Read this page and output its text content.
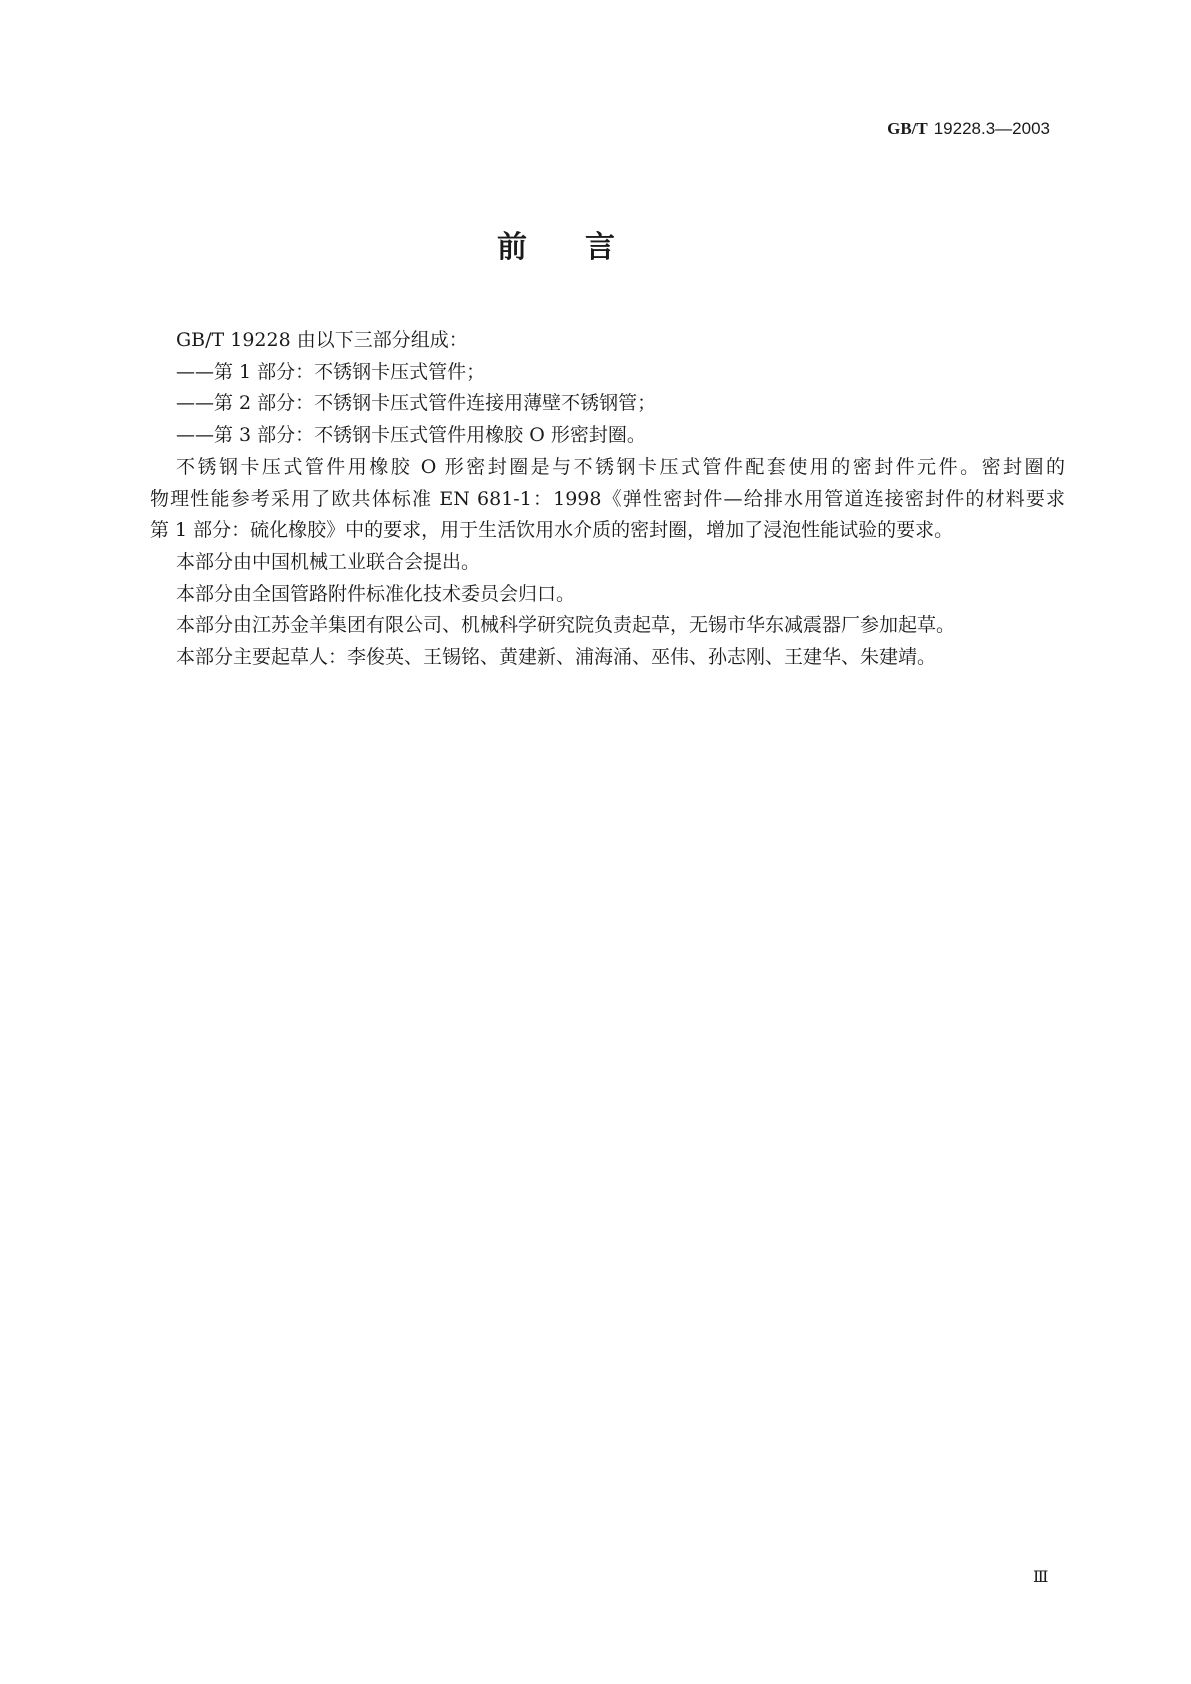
GB/T 19228.3—2003
前　言

GB/T 19228 由以下三部分组成：

——第 1 部分：不锈钢卡压式管件；

——第 2 部分：不锈钢卡压式管件连接用薄壁不锈钢管；

——第 3 部分：不锈钢卡压式管件用橡胶 O 形密封圈。

不锈钢卡压式管件用橡胶 O 形密封圈是与不锈钢卡压式管件配套使用的密封件元件。密封圈的

物理性能参考采用了欧共体标准 EN 681-1：1998《弹性密封件—给排水用管道连接密封件的材料要求

第 1 部分：硫化橡胶》中的要求，用于生活饮用水介质的密封圈，增加了浸泡性能试验的要求。

本部分由中国机械工业联合会提出。

本部分由全国管路附件标准化技术委员会归口。

本部分由江苏金羊集团有限公司、机械科学研究院负责起草，无锡市华东减震器厂参加起草。

本部分主要起草人：李俊英、王锡铭、黄建新、浦海涌、巫伟、孙志刚、王建华、朱建靖。

Ⅲ
